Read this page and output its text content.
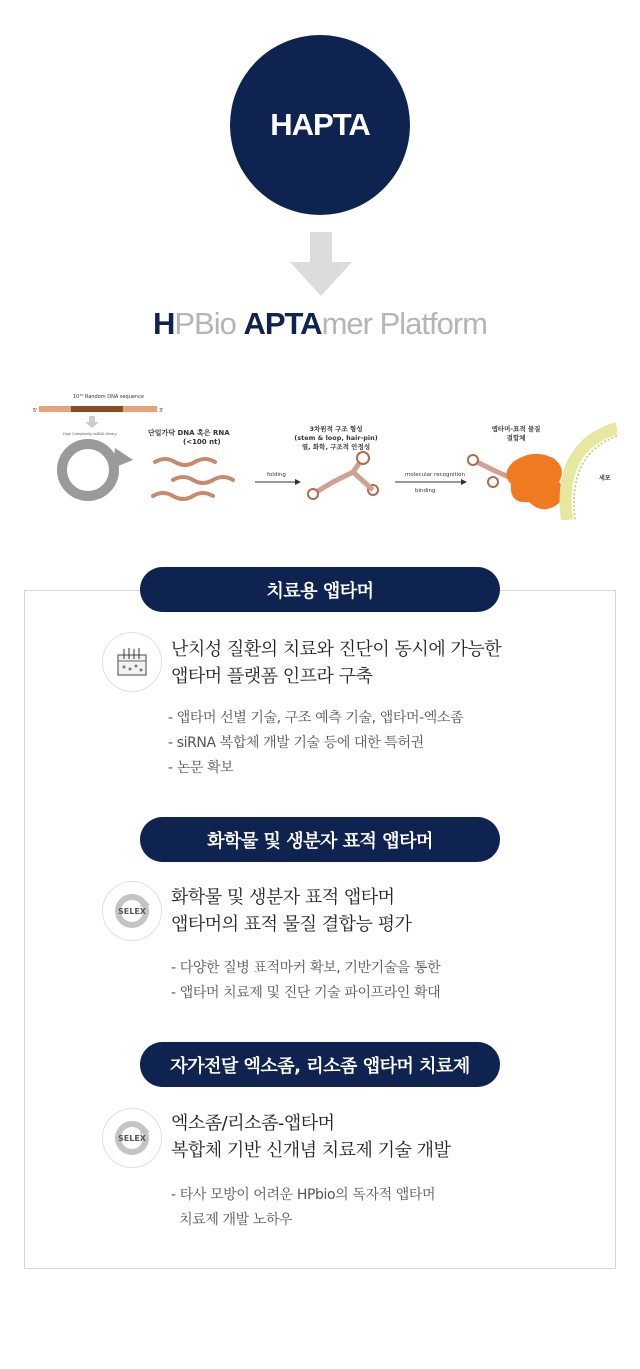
HAPTA
HPBio APTAmer Platform
10¹⁵ Random DNA sequence
5'	3'
High Complexity ssDNA library
HAPTA
rounding
단일가닥 DNA 혹은 RNA
(<100 nt)
folding
3차원적 구조 형성
(stem & loop, hair-pin)
열, 화학, 구조적 안정성
molecular recognition
binding
앱타머-표적 물질
결합체
세포
치료용 앱타머
난치성 질환의 치료와 진단이 동시에 가능한
앱타머 플랫폼 인프라 구축
- 앱타머 선별 기술, 구조 예측 기술, 앱타머-엑소좀
- siRNA 복합체 개발 기술 등에 대한 특허권
- 논문 확보
화학물 및 생분자 표적 앱타머
SELEX
화학물 및 생분자 표적 앱타머
앱타머의 표적 물질 결합능 평가
- 다양한 질병 표적마커 확보, 기반기술을 통한
- 앱타머 치료제 및 진단 기술 파이프라인 확대
자가전달 엑소좀, 리소좀 앱타머 치료제
SELEX
엑소좀/리소좀-앱타머
복합체 기반 신개념 치료제 기술 개발
- 타사 모방이 어려운 HPbio의 독자적 앱타머
치료제 개발 노하우
